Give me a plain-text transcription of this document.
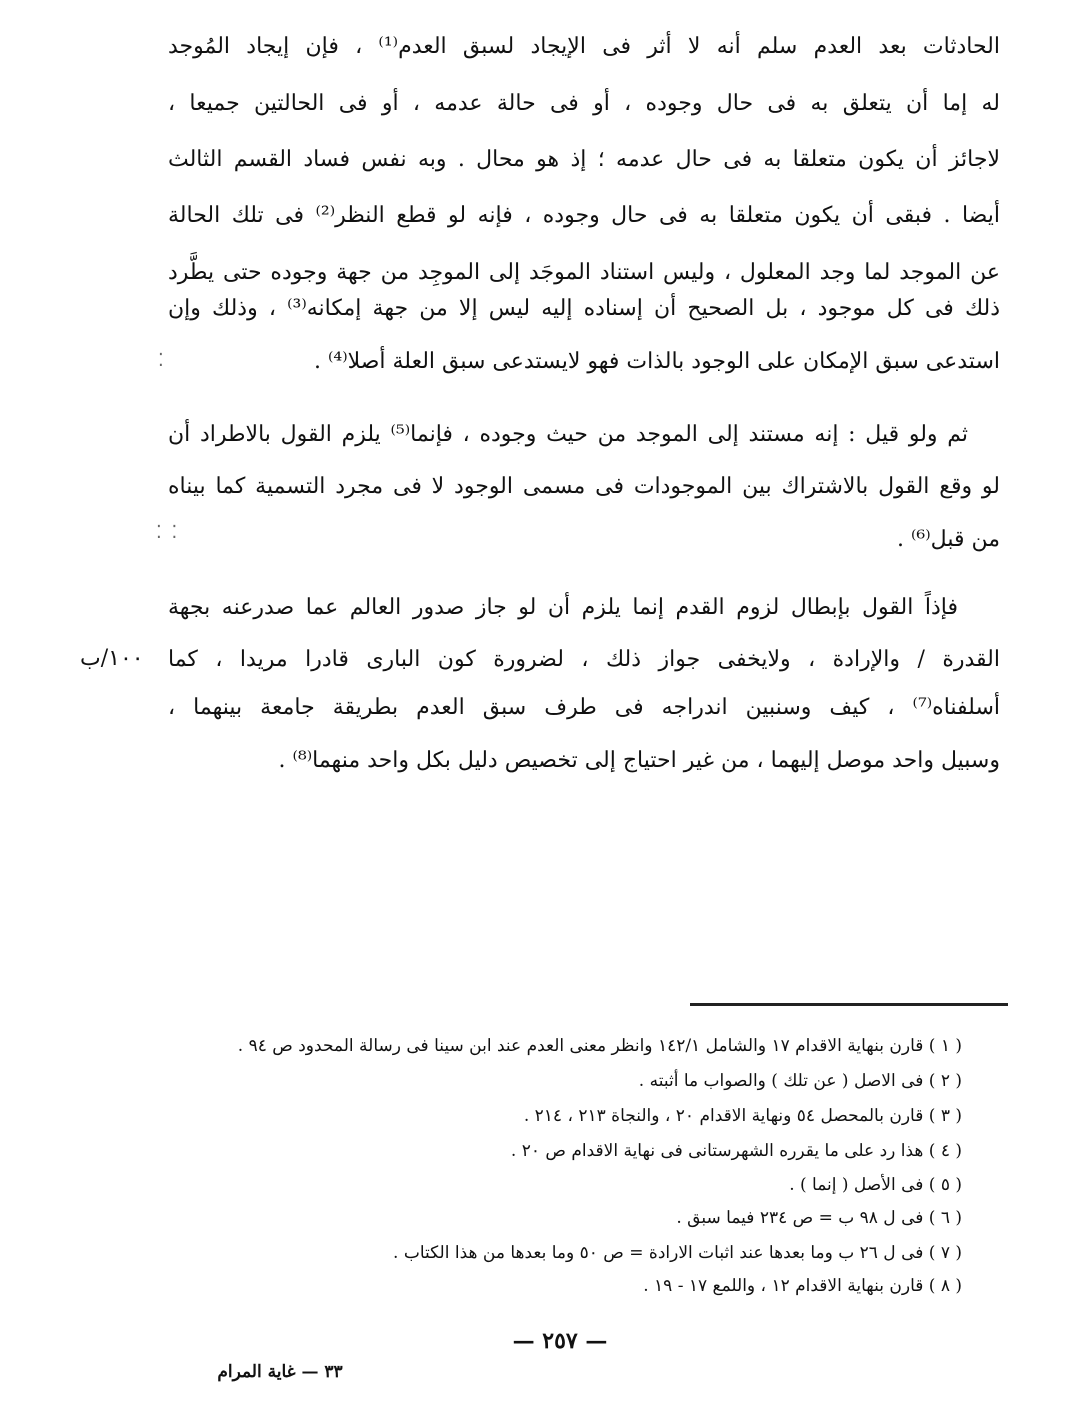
الحادثات بعد العدم سلم أنه لا أثر فى الإيجاد لسبق العدم⁽¹⁾ ، فإن إيجاد المُوجد
له إما أن يتعلق به فى حال وجوده ، أو فى حالة عدمه ، أو فى الحالتين جميعا ،
لاجائز أن يكون متعلقا به فى حال عدمه ؛ إذ هو محال . وبه نفس فساد القسم الثالث
أيضا . فبقى أن يكون متعلقا به فى حال وجوده ، فإنه لو قطع النظر⁽²⁾ فى تلك الحالة
عن الموجد لما وجد المعلول ، وليس استناد الموجَد إلى الموجِد من جهة وجوده حتى يطَّرد
ذلك فى كل موجود ، بل الصحيح أن إسناده إليه ليس إلا من جهة إمكانه⁽³⁾ ، وذلك وإن
استدعى سبق الإمكان على الوجود بالذات فهو لايستدعى سبق العلة أصلا⁽⁴⁾ .
ثم ولو قيل : إنه مستند إلى الموجد من حيث وجوده ، فإنما⁽⁵⁾ يلزم القول بالاطراد أن
لو وقع القول بالاشتراك بين الموجودات فى مسمى الوجود لا فى مجرد التسمية كما بيناه
من قبل⁽⁶⁾ .
فإذاً القول بإبطال لزوم القدم إنما يلزم أن لو جاز صدور العالم عما صدرعنه بجهة
القدرة / والإرادة ، ولايخفى جواز ذلك ، لضرورة كون البارى قادرا مريدا ، كما
أسلفناه⁽⁷⁾ ، كيف وسنبين اندراجه فى طرف سبق العدم بطريقة جامعة بينهما ،
وسبيل واحد موصل إليهما ، من غير احتياج إلى تخصيص دليل بكل واحد منهما⁽⁸⁾ .
١٠٠/ب
⁚
⁚ ⁚
( ١ ) قارن بنهاية الاقدام ١٧ والشامل ١٤٢/١ وانظر معنى العدم عند ابن سينا فى رسالة المحدود ص ٩٤ .
( ٢ ) فى الاصل ( عن تلك ) والصواب ما أثبته .
( ٣ ) قارن بالمحصل ٥٤ ونهاية الاقدام ٢٠ ، والنجاة ٢١٣ ، ٢١٤ .
( ٤ ) هذا رد على ما يقرره الشهرستانى فى نهاية الاقدام ص ٢٠ .
( ٥ ) فى الأصل ( إنما ) .
( ٦ ) فى ل ٩٨ ب = ص ٢٣٤ فيما سبق .
( ٧ ) فى ل ٢٦ ب وما بعدها عند اثبات الارادة = ص ٥٠ وما بعدها من هذا الكتاب .
( ٨ ) قارن بنهاية الاقدام ١٢ ، واللمع ١٧ - ١٩ .
— ٢٥٧ —
٣٣ — غاية المرام
